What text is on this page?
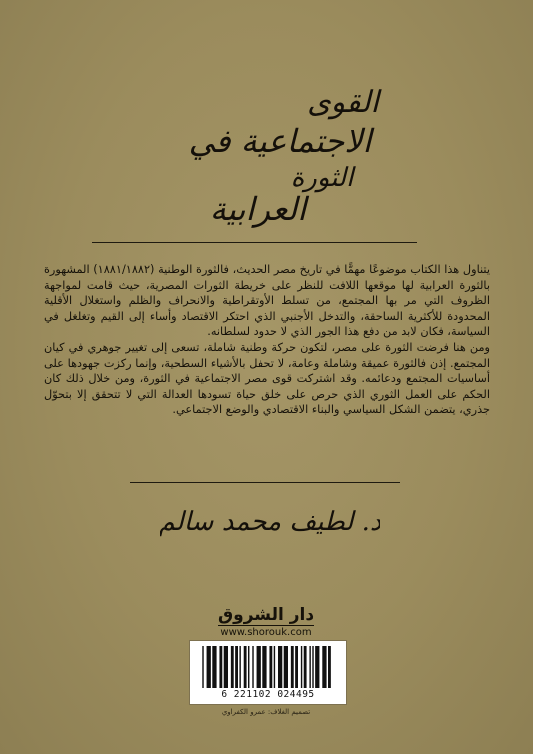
القوى
الاجتماعية في
الثورة
العرابية

يتناول هذا الكتاب موضوعًا مهمًّا في تاريخ مصر الحديث، فالثورة الوطنية (١٨٨١/١٨٨٢) المشهورة بالثورة العرابية لها موقعها اللافت للنظر على خريطة الثورات المصرية، حيث قامت لمواجهة الظروف التي مر بها المجتمع، من تسلط الأوتقراطية والانحراف والظلم واستغلال الأقلية المحدودة للأكثرية الساحقة، والتدخل الأجنبي الذي احتكر الاقتصاد وأساء إلى القيم وتغلغل في السياسة، فكان لابد من دفع هذا الجور الذي لا حدود لسلطانه.

ومن هنا فرضت الثورة على مصر، لتكون حركة وطنية شاملة، تسعى إلى تغيير جوهري في كيان المجتمع. إذن فالثورة عميقة وشاملة وعامة، لا تحفل بالأشياء السطحية، وإنما ركزت جهودها على أساسيات المجتمع ودعائمه. وقد اشتركت قوى مصر الاجتماعية في الثورة، ومن خلال ذلك كان الحكم على العمل الثوري الذي حرص على خلق حياة تسودها العدالة التي لا تتحقق إلا بتحوّل جذري، يتضمن الشكل السياسي والبناء الاقتصادي والوضع الاجتماعي.

د. لطيف محمد سالم
دار الشروق
www.shorouk.com
6 221102 024495
تصميم الغلاف: عمرو الكفراوي
